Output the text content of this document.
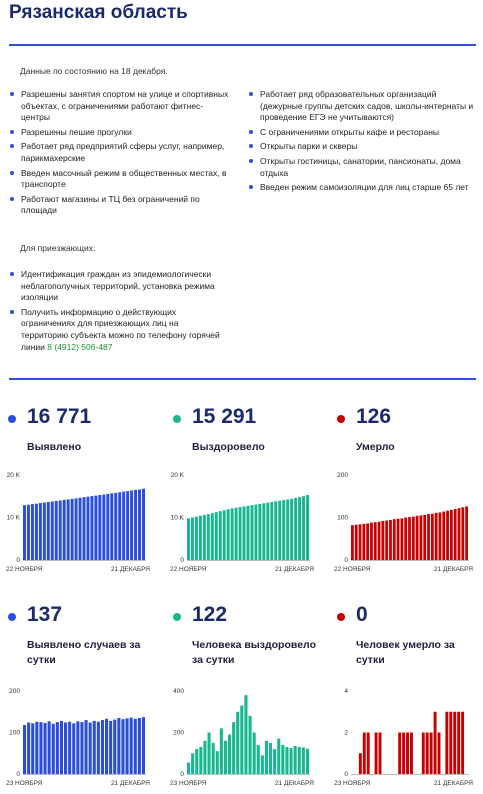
Рязанская область
Данные по состоянию на 18 декабря.
Разрешены занятия спортом на улице и спортивных объектах, с ограничениями работают фитнес-центры
Разрешены пешие прогулки
Работает ряд предприятий сферы услуг, например, парикмахерские
Введен масочный режим в общественных местах, в транспорте
Работают магазины и ТЦ без ограничений по площади
Работает ряд образовательных организаций (дежурные группы детских садов, школы-интернаты и проведение ЕГЭ не учитываются)
С ограничениями открыты кафе и рестораны
Открыты парки и скверы
Открыты гостиницы, санатории, пансионаты, дома отдыха
Введен режим самоизоляции для лиц старше 65 лет
Для приезжающих:
Идентификация граждан из эпидемиологически неблагополучных территорий, установка режима изоляции
Получить информацию о действующих ограничениях для приезжающих лиц на территорию субъекта можно по телефону горячей линии 8 (4912) 506-487
16 771
Выявлено
15 291
Выздоровело
126
Умерло
0
10 K
20 K
22 НОЯБРЯ	21 ДЕКАБРЯ
0
10 K
20 K
22 НОЯБРЯ	21 ДЕКАБРЯ
0
100
200
22 НОЯБРЯ	21 ДЕКАБРЯ
137
Выявлено случаев за сутки
122
Человека выздоровело за сутки
0
Человек умерло за сутки
0
100
200
23 НОЯБРЯ	21 ДЕКАБРЯ
0
200
400
23 НОЯБРЯ	21 ДЕКАБРЯ
0
2
4
23 НОЯБРЯ	21 ДЕКАБРЯ
